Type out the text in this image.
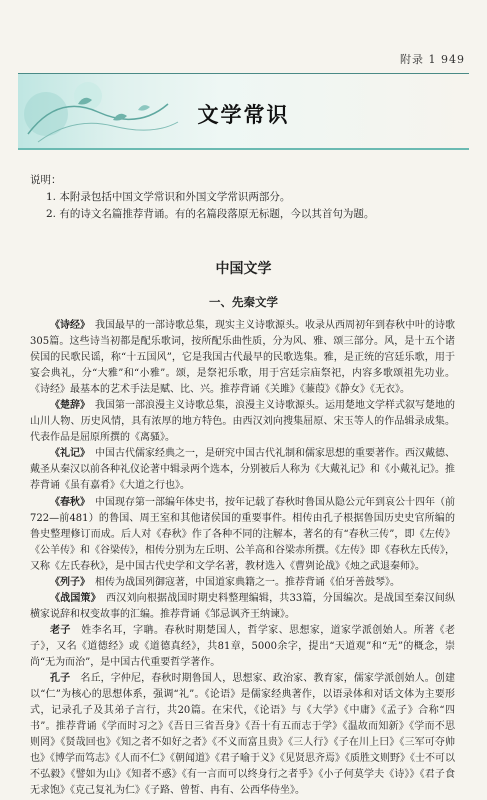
附录 1 949
文学常识
说明：
1. 本附录包括中国文学常识和外国文学常识两部分。
2. 有的诗文名篇推荐背诵。有的名篇段落原无标题，今以其首句为题。
中国文学
一、先秦文学

《诗经》　我国最早的一部诗歌总集，现实主义诗歌源头。收录从西周初年到春秋中叶的诗歌305篇。这些诗当初都是配乐歌词，按所配乐曲性质，分为风、雅、颂三部分。风，是十五个诸侯国的民歌民谣，称“十五国风”，它是我国古代最早的民歌选集。雅，是正统的宫廷乐歌，用于宴会典礼，分“大雅”和“小雅”。颂，是祭祀乐歌，用于宫廷宗庙祭祀，内容多歌颂祖先功业。《诗经》最基本的艺术手法是赋、比、兴。推荐背诵《关雎》《蒹葭》《静女》《无衣》。

《楚辞》　我国第一部浪漫主义诗歌总集，浪漫主义诗歌源头。运用楚地文学样式叙写楚地的山川人物、历史风情，具有浓厚的地方特色。由西汉刘向搜集屈原、宋玉等人的作品辑录成集。代表作品是屈原所撰的《离骚》。

《礼记》　中国古代儒家经典之一，是研究中国古代礼制和儒家思想的重要著作。西汉戴德、戴圣从秦汉以前各种礼仪论著中辑录两个选本，分别被后人称为《大戴礼记》和《小戴礼记》。推荐背诵《虽有嘉肴》《大道之行也》。

《春秋》　中国现存第一部编年体史书，按年记载了春秋时鲁国从隐公元年到哀公十四年（前722—前481）的鲁国、周王室和其他诸侯国的重要事件。相传由孔子根据鲁国历史史官所编的鲁史整理修订而成。后人对《春秋》作了各种不同的注解本，著名的有“春秋三传”，即《左传》《公羊传》和《谷梁传》，相传分别为左丘明、公羊高和谷梁赤所撰。《左传》即《春秋左氏传》，又称《左氏春秋》，是中国古代史学和文学名著，教材选入《曹刿论战》《烛之武退秦师》。

《列子》　相传为战国列御寇著，中国道家典籍之一。推荐背诵《伯牙善鼓琴》。

《战国策》　西汉刘向根据战国时期史料整理编辑，共33篇，分国编次。是战国至秦汉间纵横家说辞和权变故事的汇编。推荐背诵《邹忌讽齐王纳谏》。

老子　姓李名耳，字聃。春秋时期楚国人，哲学家、思想家，道家学派创始人。所著《老子》，又名《道德经》或《道德真经》，共81章，5000余字，提出“天道观”和“无”的概念，崇尚“无为而治”，是中国古代重要哲学著作。

孔子　名丘，字仲尼，春秋时期鲁国人，思想家、政治家、教育家，儒家学派创始人。创建以“仁”为核心的思想体系，强调“礼”。《论语》是儒家经典著作，以语录体和对话文体为主要形式，记录孔子及其弟子言行，共20篇。在宋代，《论语》与《大学》《中庸》《孟子》合称“四书”。推荐背诵《学而时习之》《吾日三省吾身》《吾十有五而志于学》《温故而知新》《学而不思则罔》《贤哉回也》《知之者不如好之者》《不义而富且贵》《三人行》《子在川上曰》《三军可夺帅也》《博学而笃志》《人而不仁》《朝闻道》《君子喻于义》《见贤思齐焉》《质胜文则野》《士不可以不弘毅》《譬如为山》《知者不惑》《有一言而可以终身行之者乎》《小子何莫学夫《诗》》《君子食无求饱》《克己复礼为仁》《子路、曾皙、冉有、公西华侍坐》。
